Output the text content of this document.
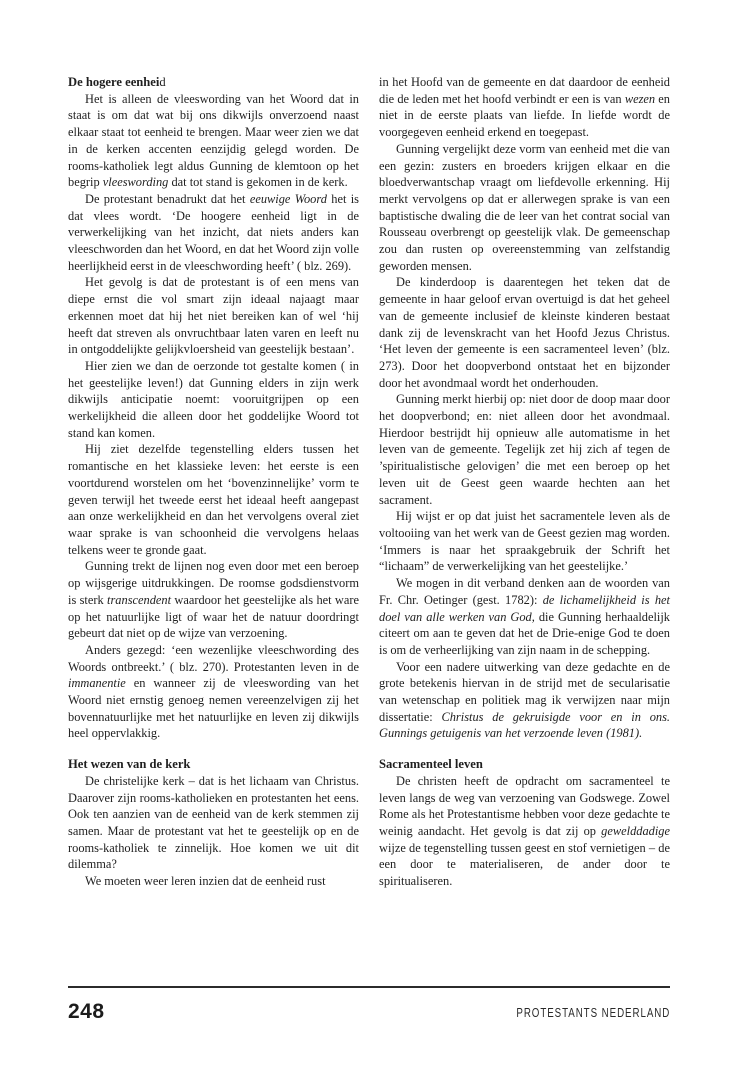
De hogere eenheid

Het is alleen de vleeswording van het Woord dat in staat is om dat wat bij ons dikwijls onverzoend naast elkaar staat tot eenheid te brengen. Maar weer zien we dat in de kerken accenten eenzijdig gelegd worden. De rooms-katholiek legt aldus Gunning de klemtoon op het begrip vleeswording dat tot stand is gekomen in de kerk.

De protestant benadrukt dat het eeuwige Woord het is dat vlees wordt. ‘De hoogere eenheid ligt in de verwerkelijking van het inzicht, dat niets anders kan vleeschworden dan het Woord, en dat het Woord zijn volle heerlijkheid eerst in de vleeschwording heeft’ ( blz. 269).

Het gevolg is dat de protestant is of een mens van diepe ernst die vol smart zijn ideaal najaagt maar erkennen moet dat hij het niet bereiken kan of wel ‘hij heeft dat streven als onvruchtbaar laten varen en leeft nu in ontgoddelijkte gelijkvloersheid van geestelijk bestaan’.

Hier zien we dan de oerzonde tot gestalte komen ( in het geestelijke leven!) dat Gunning elders in zijn werk dikwijls anticipatie noemt: vooruitgrijpen op een werkelijkheid die alleen door het goddelijke Woord tot stand kan komen.

Hij ziet dezelfde tegenstelling elders tussen het romantische en het klassieke leven: het eerste is een voortdurend worstelen om het ‘bovenzinnelijke’ vorm te geven terwijl het tweede eerst het ideaal heeft aangepast aan onze werkelijkheid en dan het vervolgens overal ziet waar sprake is van schoonheid die vervolgens helaas telkens weer te gronde gaat.

Gunning trekt de lijnen nog even door met een beroep op wijsgerige uitdrukkingen. De roomse godsdienstvorm is sterk transcendent waardoor het geestelijke als het ware op het natuurlijke ligt of waar het de natuur doordringt gebeurt dat niet op de wijze van verzoening.

Anders gezegd: ‘een wezenlijke vleeschwording des Woords ontbreekt.’ ( blz. 270). Protestanten leven in de immanentie en wanneer zij de vleeswording van het Woord niet ernstig genoeg nemen vereenzelvigen zij het bovennatuurlijke met het natuurlijke en leven zij dikwijls heel oppervlakkig.

Het wezen van de kerk

De christelijke kerk – dat is het lichaam van Christus. Daarover zijn rooms-katholieken en protestanten het eens. Ook ten aanzien van de eenheid van de kerk stemmen zij samen. Maar de protestant vat het te geestelijk op en de rooms-katholiek te zinnelijk. Hoe komen we uit dit dilemma?

We moeten weer leren inzien dat de eenheid rust

in het Hoofd van de gemeente en dat daardoor de eenheid die de leden met het hoofd verbindt er een is van wezen en niet in de eerste plaats van liefde. In liefde wordt de voorgegeven eenheid erkend en toegepast.

Gunning vergelijkt deze vorm van eenheid met die van een gezin: zusters en broeders krijgen elkaar en die bloedverwantschap vraagt om liefdevolle erkenning. Hij merkt vervolgens op dat er allerwegen sprake is van een baptistische dwaling die de leer van het contrat social van Rousseau overbrengt op geestelijk vlak. De gemeenschap zou dan rusten op overeenstemming van zelfstandig geworden mensen.

De kinderdoop is daarentegen het teken dat de gemeente in haar geloof ervan overtuigd is dat het geheel van de gemeente inclusief de kleinste kinderen bestaat dank zij de levenskracht van het Hoofd Jezus Christus. ‘Het leven der gemeente is een sacramenteel leven’ (blz. 273). Door het doopverbond ontstaat het en bijzonder door het avondmaal wordt het onderhouden.

Gunning merkt hierbij op: niet door de doop maar door het doopverbond; en: niet alleen door het avondmaal. Hierdoor bestrijdt hij opnieuw alle automatisme in het leven van de gemeente. Tegelijk zet hij zich af tegen de ’spiritualistische gelovigen’ die met een beroep op het leven uit de Geest geen waarde hechten aan het sacrament.

Hij wijst er op dat juist het sacramentele leven als de voltooiing van het werk van de Geest gezien mag worden. ‘Immers is naar het spraakgebruik der Schrift het “lichaam” de verwerkelijking van het geestelijke.’

We mogen in dit verband denken aan de woorden van Fr. Chr. Oetinger (gest. 1782): de lichamelijkheid is het doel van alle werken van God, die Gunning herhaaldelijk citeert om aan te geven dat het de Drie-enige God te doen is om de verheerlijking van zijn naam in de schepping.

Voor een nadere uitwerking van deze gedachte en de grote betekenis hiervan in de strijd met de secularisatie van wetenschap en politiek mag ik verwijzen naar mijn dissertatie: Christus de gekruisigde voor en in ons. Gunnings getuigenis van het verzoende leven (1981).

Sacramenteel leven

De christen heeft de opdracht om sacramenteel te leven langs de weg van verzoening van Godswege. Zowel Rome als het Protestantisme hebben voor deze gedachte te weinig aandacht. Het gevolg is dat zij op gewelddadige wijze de tegenstelling tussen geest en stof vernietigen – de een door te materialiseren, de ander door te spiritualiseren.

248	PROTESTANTS NEDERLAND
